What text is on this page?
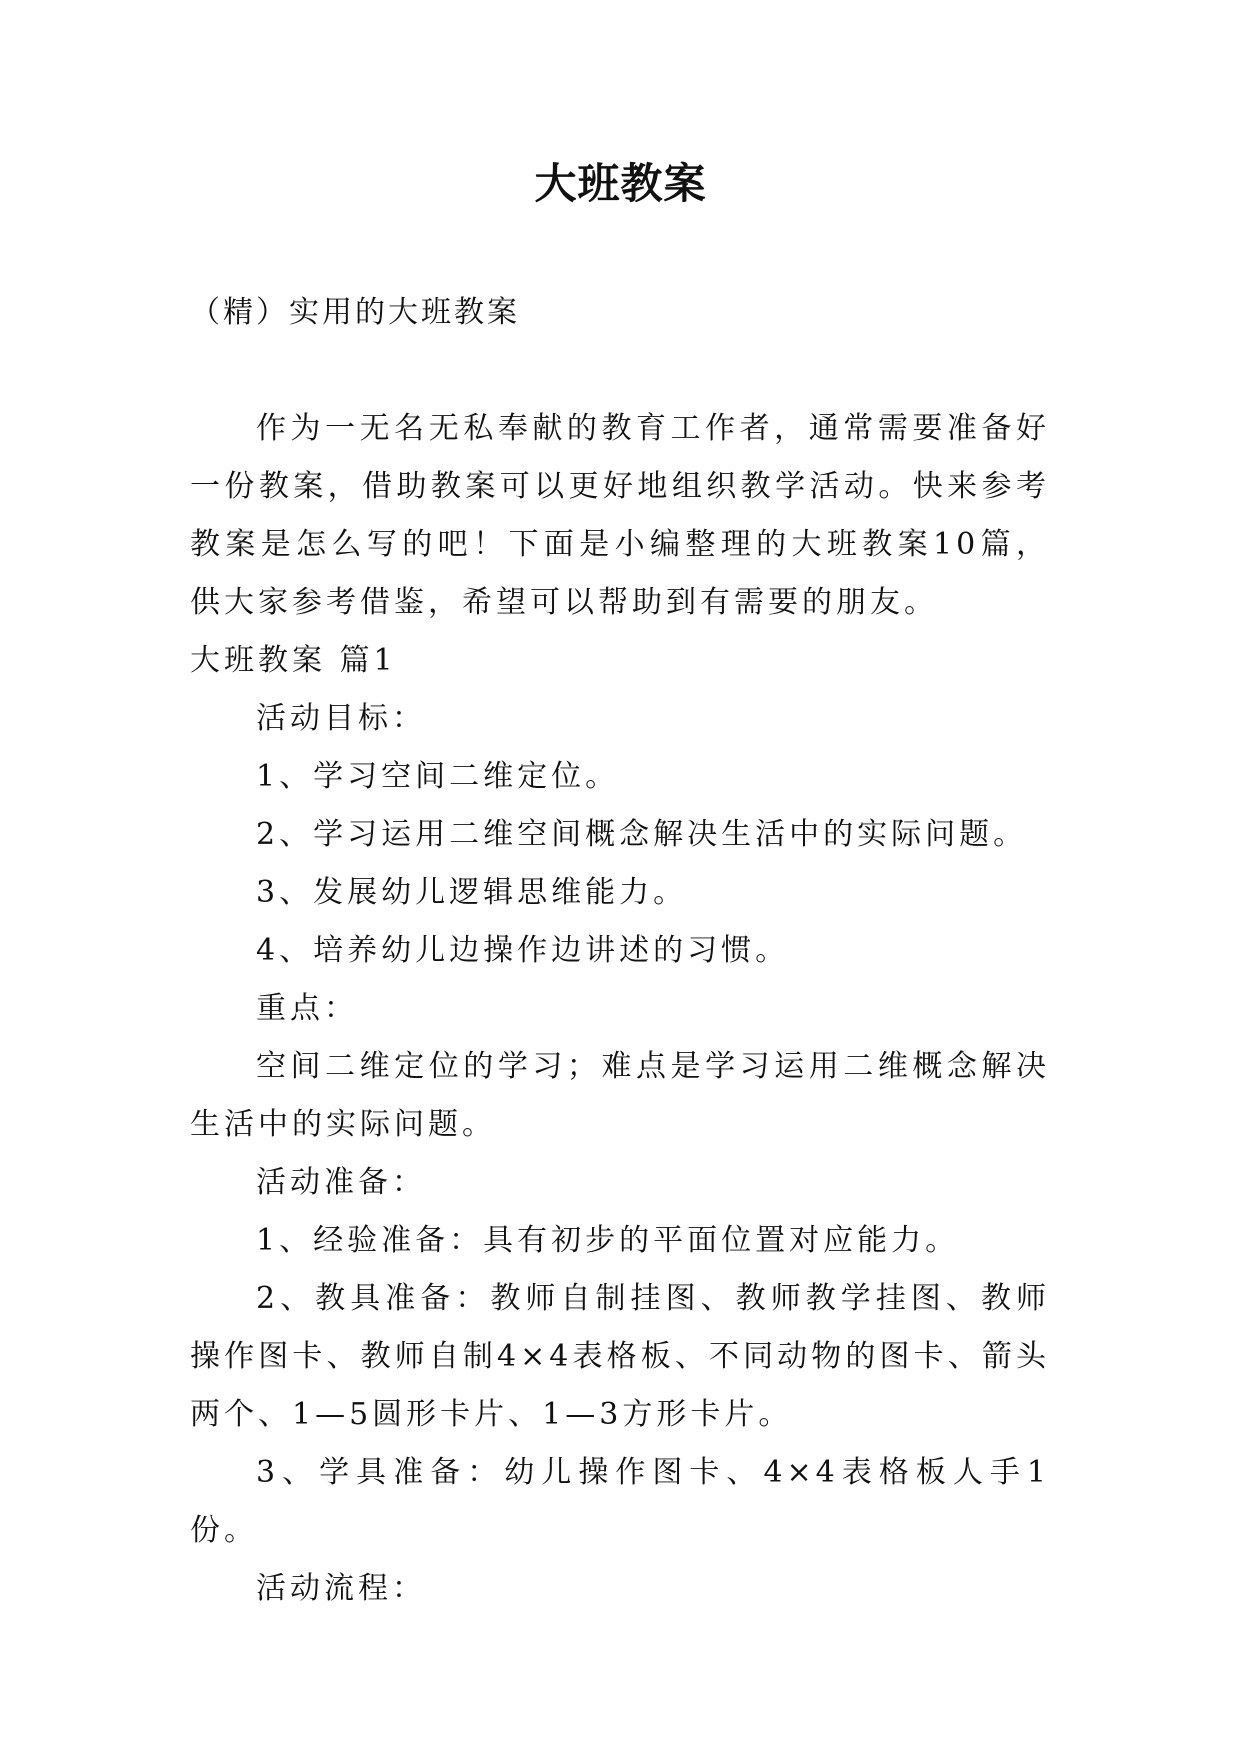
大班教案
（精）实用的大班教案

作为一无名无私奉献的教育工作者，通常需要准备好一份教案，借助教案可以更好地组织教学活动。快来参考教案是怎么写的吧！下面是小编整理的大班教案10篇，供大家参考借鉴，希望可以帮助到有需要的朋友。

大班教案 篇1

活动目标：

1、学习空间二维定位。

2、学习运用二维空间概念解决生活中的实际问题。

3、发展幼儿逻辑思维能力。

4、培养幼儿边操作边讲述的习惯。

重点：

空间二维定位的学习；难点是学习运用二维概念解决生活中的实际问题。

活动准备：

1、经验准备：具有初步的平面位置对应能力。

2、教具准备：教师自制挂图、教师教学挂图、教师操作图卡、教师自制4×4表格板、不同动物的图卡、箭头两个、1—5圆形卡片、1—3方形卡片。

3、学具准备：幼儿操作图卡、4×4表格板人手1份。

活动流程：
